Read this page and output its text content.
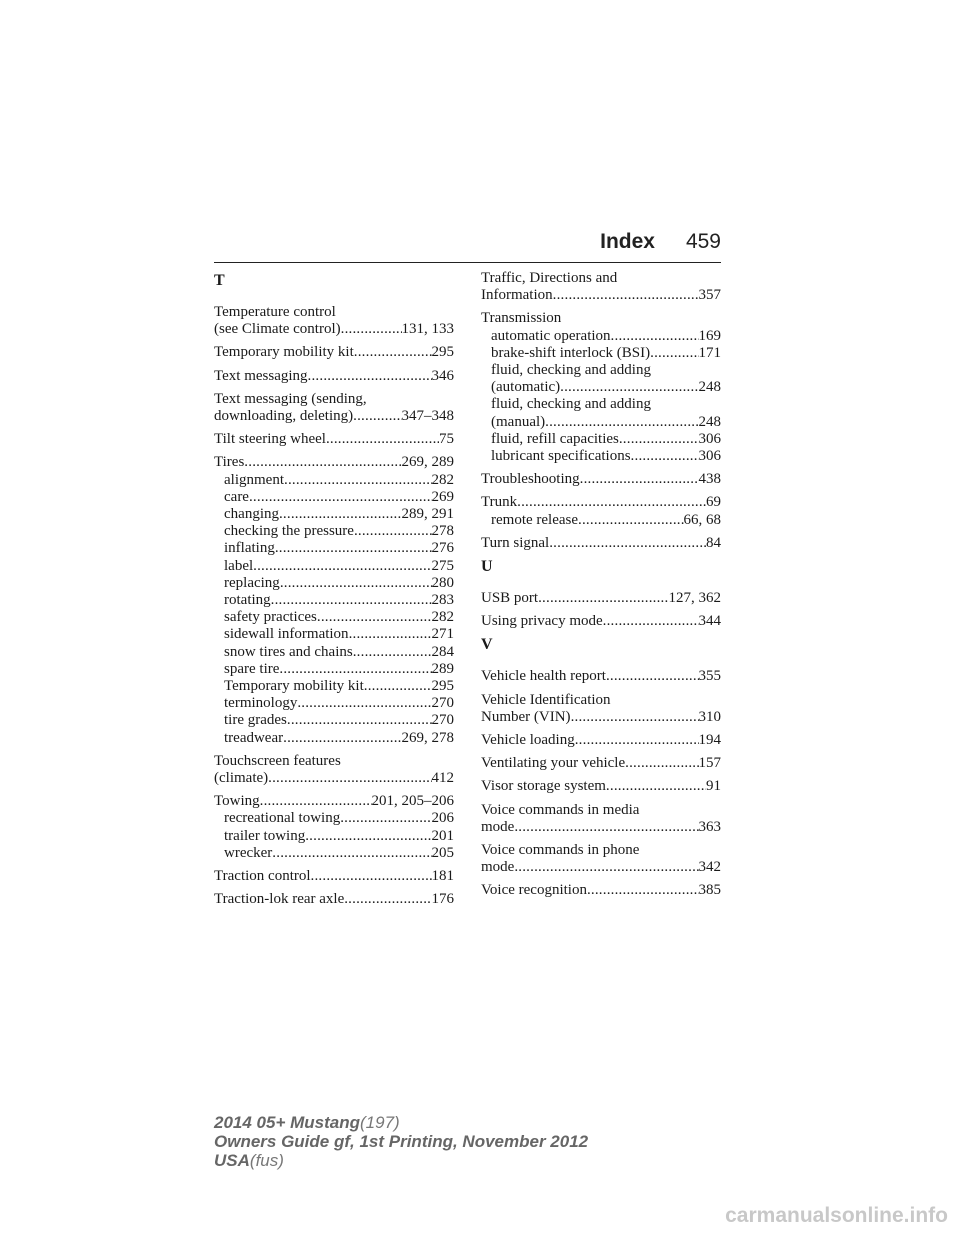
Index 459
T
Temperature control
(see Climate control) .....	131, 133
Temporary mobility kit .....	295
Text messaging .....	346
Text messaging (sending,
downloading, deleting) .....	347–348
Tilt steering wheel .....	75
Tires .....	269, 289
alignment .....	282
care .....	269
changing .....	289, 291
checking the pressure .....	278
inflating .....	276
label .....	275
replacing .....	280
rotating .....	283
safety practices .....	282
sidewall information .....	271
snow tires and chains .....	284
spare tire .....	289
Temporary mobility kit .....	295
terminology .....	270
tire grades .....	270
treadwear .....	269, 278
Touchscreen features
(climate) .....	412
Towing .....	201, 205–206
recreational towing .....	206
trailer towing .....	201
wrecker .....	205
Traction control .....	181
Traction-lok rear axle .....	176
Traffic, Directions and
Information .....	357
Transmission
automatic operation .....	169
brake-shift interlock (BSI) .....	171
fluid, checking and adding
(automatic) .....	248
fluid, checking and adding
(manual) .....	248
fluid, refill capacities .....	306
lubricant specifications .....	306
Troubleshooting .....	438
Trunk .....	69
remote release .....	66, 68
Turn signal .....	84
U
USB port .....	127, 362
Using privacy mode .....	344
V
Vehicle health report .....	355
Vehicle Identification
Number (VIN) .....	310
Vehicle loading .....	194
Ventilating your vehicle .....	157
Visor storage system .....	91
Voice commands in media
mode .....	363
Voice commands in phone
mode .....	342
Voice recognition .....	385
2014 05+ Mustang(197)
Owners Guide gf, 1st Printing, November 2012
USA(fus)
carmanualsonline.info
